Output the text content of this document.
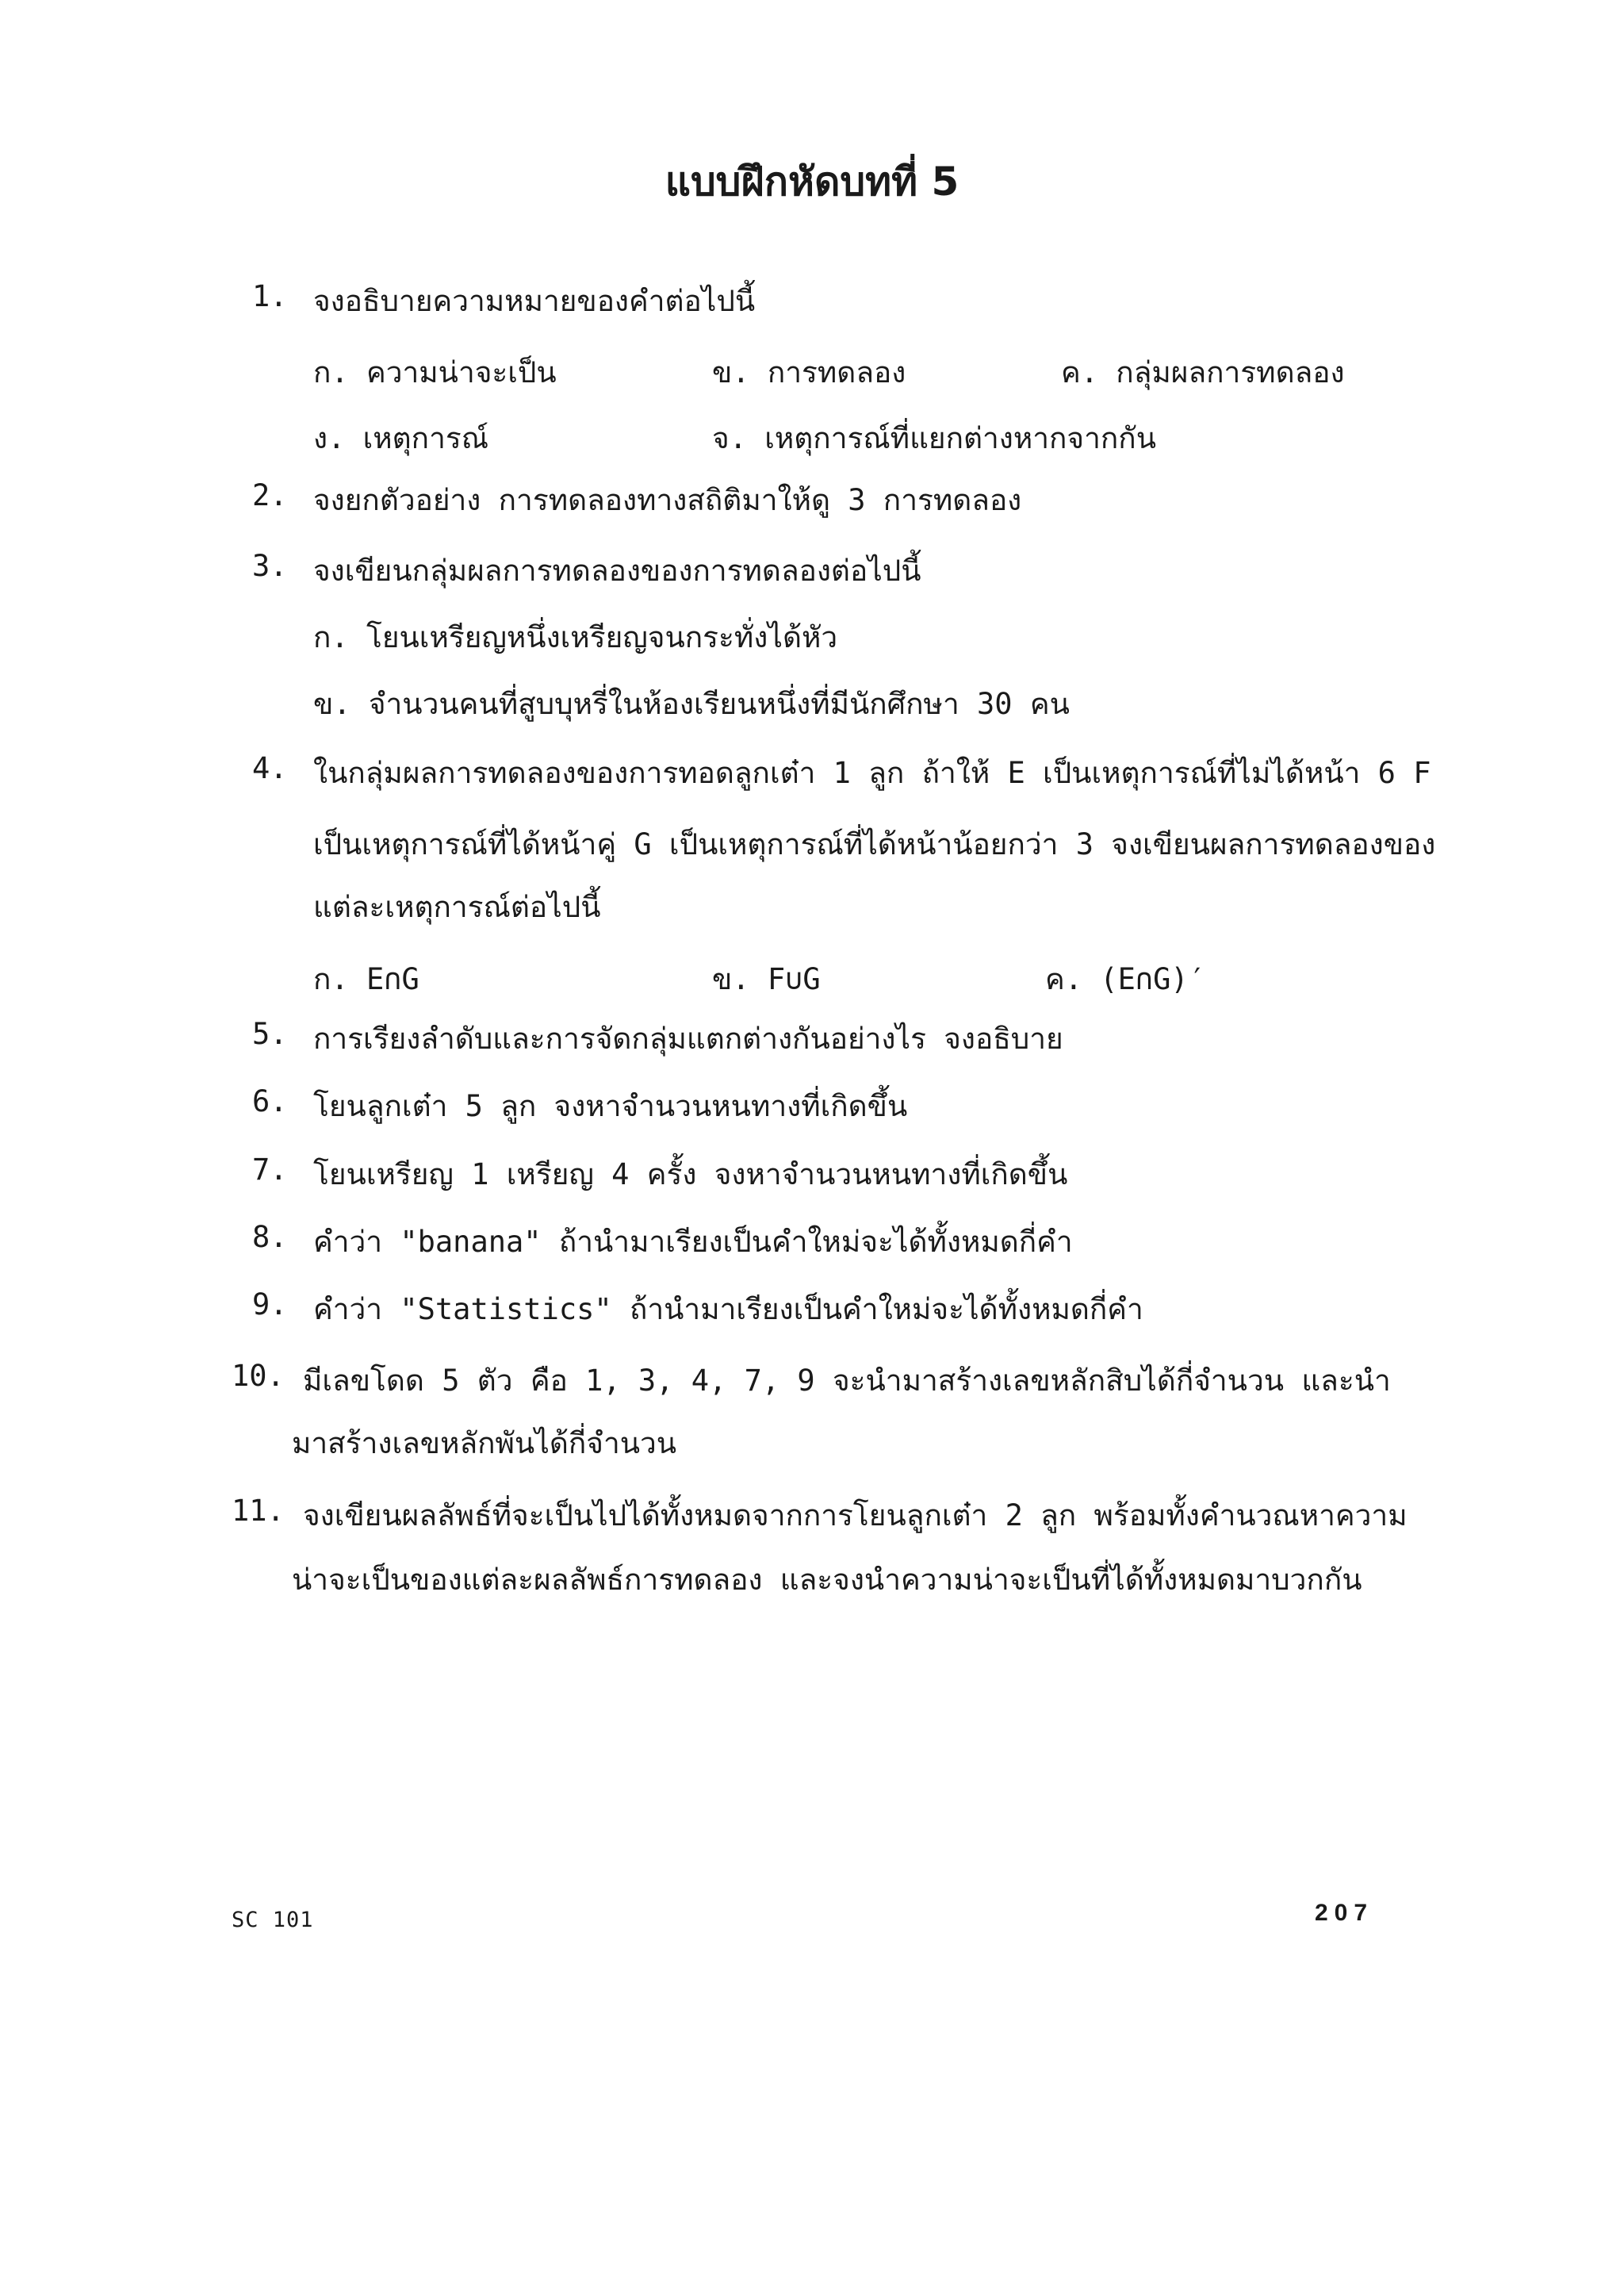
แบบฝึกหัดบทที่ 5
1. จงอธิบายความหมายของคำต่อไปนี้
ก. ความน่าจะเป็น	ข. การทดลอง	ค. กลุ่มผลการทดลอง
ง. เหตุการณ์	จ. เหตุการณ์ที่แยกต่างหากจากกัน
2. จงยกตัวอย่าง การทดลองทางสถิติมาให้ดู 3 การทดลอง
3. จงเขียนกลุ่มผลการทดลองของการทดลองต่อไปนี้
ก. โยนเหรียญหนึ่งเหรียญจนกระทั่งได้หัว
ข. จำนวนคนที่สูบบุหรี่ในห้องเรียนหนึ่งที่มีนักศึกษา 30 คน
4. ในกลุ่มผลการทดลองของการทอดลูกเต๋า 1 ลูก ถ้าให้ E เป็นเหตุการณ์ที่ไม่ได้หน้า 6 F
เป็นเหตุการณ์ที่ได้หน้าคู่ G เป็นเหตุการณ์ที่ได้หน้าน้อยกว่า 3 จงเขียนผลการทดลองของ
แต่ละเหตุการณ์ต่อไปนี้
ก. E∩G	ข. F∪G	ค. (E∩G)′
5. การเรียงลำดับและการจัดกลุ่มแตกต่างกันอย่างไร จงอธิบาย
6. โยนลูกเต๋า 5 ลูก จงหาจำนวนหนทางที่เกิดขึ้น
7. โยนเหรียญ 1 เหรียญ 4 ครั้ง จงหาจำนวนหนทางที่เกิดขึ้น
8. คำว่า "banana" ถ้านำมาเรียงเป็นคำใหม่จะได้ทั้งหมดกี่คำ
9. คำว่า "Statistics" ถ้านำมาเรียงเป็นคำใหม่จะได้ทั้งหมดกี่คำ
10. มีเลขโดด 5 ตัว คือ 1, 3, 4, 7, 9 จะนำมาสร้างเลขหลักสิบได้กี่จำนวน และนำ
มาสร้างเลขหลักพันได้กี่จำนวน
11. จงเขียนผลลัพธ์ที่จะเป็นไปได้ทั้งหมดจากการโยนลูกเต๋า 2 ลูก พร้อมทั้งคำนวณหาความ
น่าจะเป็นของแต่ละผลลัพธ์การทดลอง และจงนำความน่าจะเป็นที่ได้ทั้งหมดมาบวกกัน
SC 101	207
